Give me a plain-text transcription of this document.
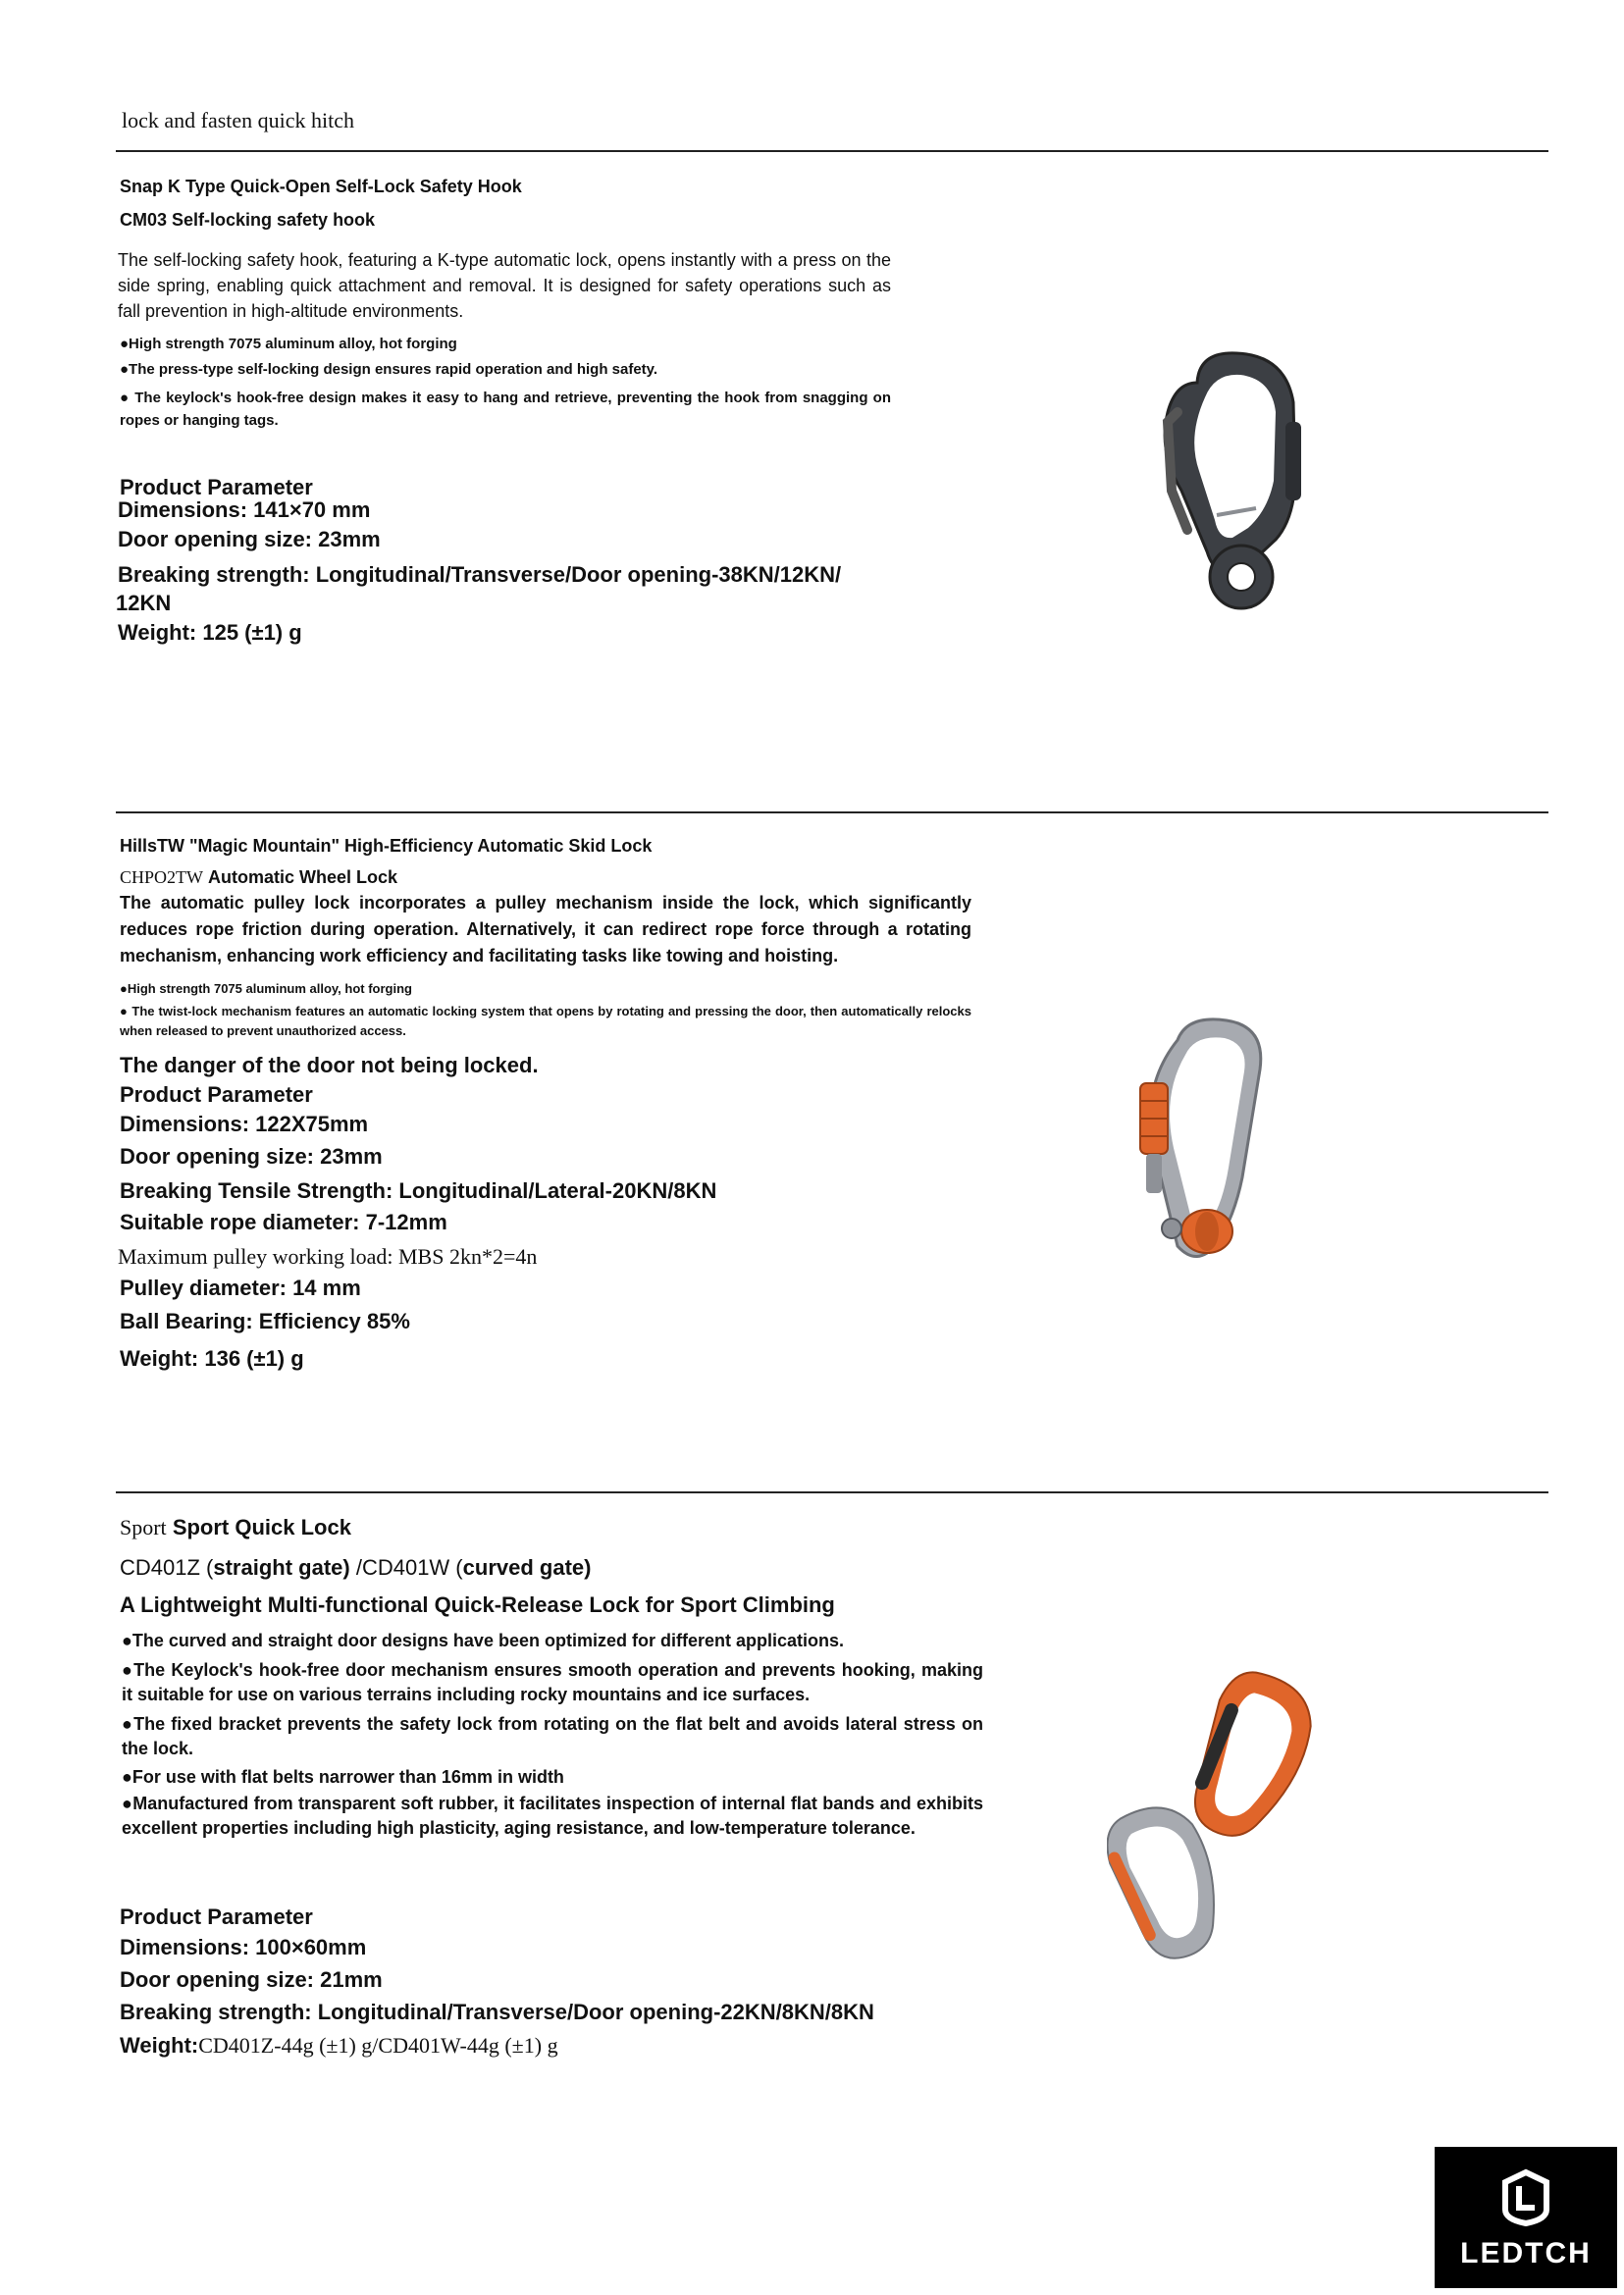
lock and fasten quick hitch
Snap K Type Quick-Open Self-Lock Safety Hook
CM03 Self-locking safety hook
The self-locking safety hook, featuring a K-type automatic lock, opens instantly with a press on the side spring, enabling quick attachment and removal. It is designed for safety operations such as fall prevention in high-altitude environments.

●High strength 7075 aluminum alloy, hot forging

●The press-type self-locking design ensures rapid operation and high safety.

● The keylock's hook-free design makes it easy to hang and retrieve, preventing the hook from snagging on ropes or hanging tags.

Product Parameter
Dimensions: 141×70 mm
Door opening size: 23mm
Breaking strength: Longitudinal/Transverse/Door opening-38KN/12KN/
12KN
Weight: 125 (±1) g
HillsTW "Magic Mountain" High-Efficiency Automatic Skid Lock
CHPO2TW Automatic Wheel Lock
The automatic pulley lock incorporates a pulley mechanism inside the lock, which significantly reduces rope friction during operation. Alternatively, it can redirect rope force through a rotating mechanism, enhancing work efficiency and facilitating tasks like towing and hoisting.

●High strength 7075 aluminum alloy, hot forging

● The twist-lock mechanism features an automatic locking system that opens by rotating and pressing the door, then automatically relocks when released to prevent unauthorized access.

The danger of the door not being locked.
Product Parameter
Dimensions: 122X75mm
Door opening size: 23mm
Breaking Tensile Strength: Longitudinal/Lateral-20KN/8KN
Suitable rope diameter: 7-12mm
Maximum pulley working load: MBS 2kn*2=4n
Pulley diameter: 14 mm
Ball Bearing: Efficiency 85%
Weight: 136 (±1) g
Sport Sport Quick Lock
CD401Z (straight gate) /CD401W (curved gate)
A Lightweight Multi-functional Quick-Release Lock for Sport Climbing

●The curved and straight door designs have been optimized for different applications.

●The Keylock's hook-free door mechanism ensures smooth operation and prevents hooking, making it suitable for use on various terrains including rocky mountains and ice surfaces.

●The fixed bracket prevents the safety lock from rotating on the flat belt and avoids lateral stress on the lock.

●For use with flat belts narrower than 16mm in width

●Manufactured from transparent soft rubber, it facilitates inspection of internal flat bands and exhibits excellent properties including high plasticity, aging resistance, and low-temperature tolerance.

Product Parameter
Dimensions: 100×60mm
Door opening size: 21mm
Breaking strength: Longitudinal/Transverse/Door opening-22KN/8KN/8KN
Weight:CD401Z-44g (±1) g/CD401W-44g (±1) g
LEDTCH
